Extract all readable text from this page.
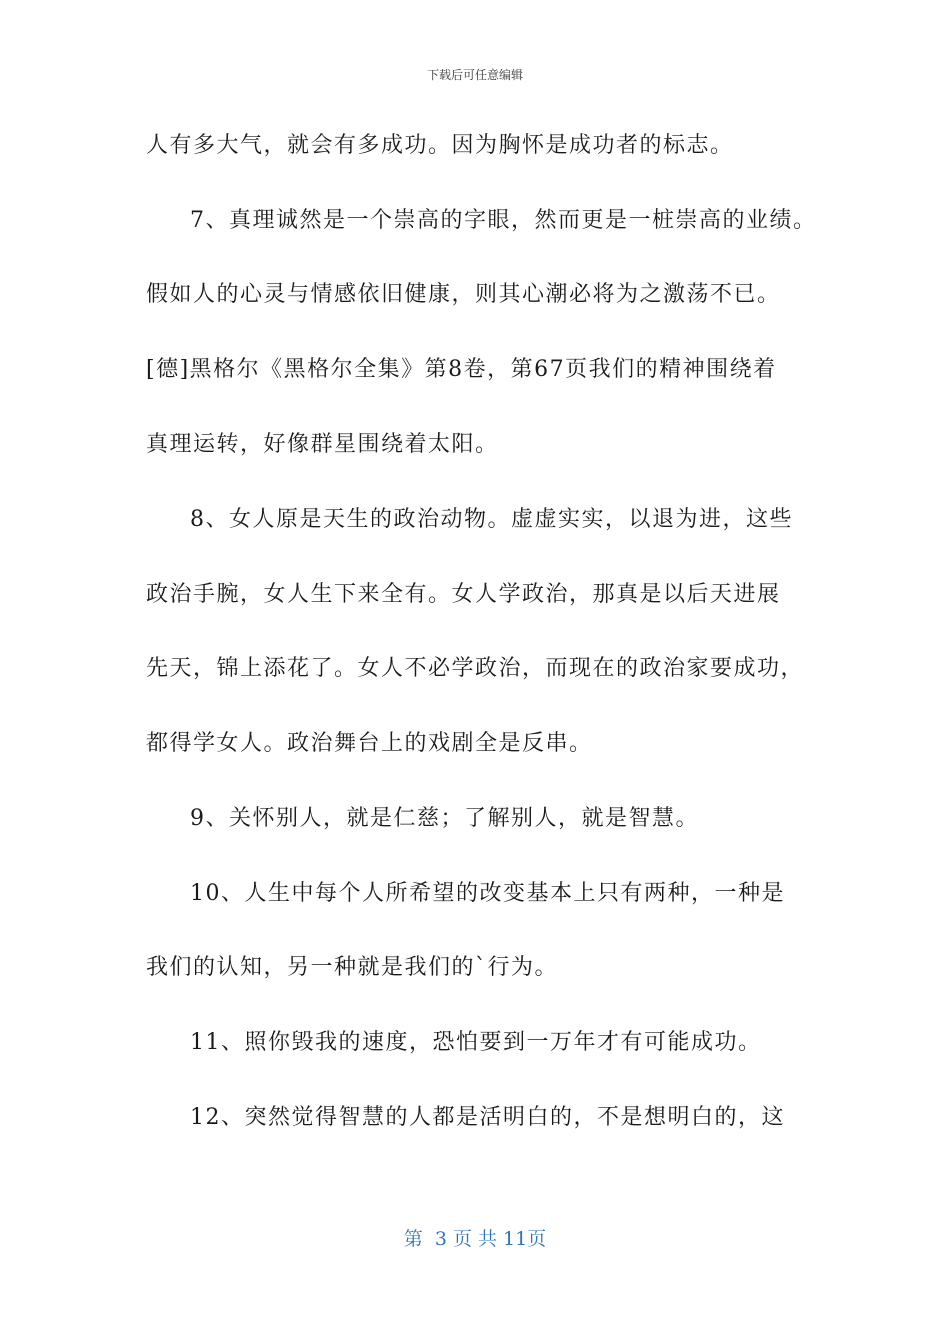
下载后可任意编辑
人有多大气，就会有多成功。因为胸怀是成功者的标志。
7、真理诚然是一个崇高的字眼，然而更是一桩崇高的业绩。
假如人的心灵与情感依旧健康，则其心潮必将为之激荡不已。
[德]黑格尔《黑格尔全集》第8卷，第67页我们的精神围绕着
真理运转，好像群星围绕着太阳。
8、女人原是天生的政治动物。虚虚实实，以退为进，这些
政治手腕，女人生下来全有。女人学政治，那真是以后天进展
先天，锦上添花了。女人不必学政治，而现在的政治家要成功，
都得学女人。政治舞台上的戏剧全是反串。
9、关怀别人，就是仁慈；了解别人，就是智慧。
10、人生中每个人所希望的改变基本上只有两种，一种是
我们的认知，另一种就是我们的`行为。
11、照你毁我的速度，恐怕要到一万年才有可能成功。
12、突然觉得智慧的人都是活明白的，不是想明白的，这
第  3 页 共 11页
